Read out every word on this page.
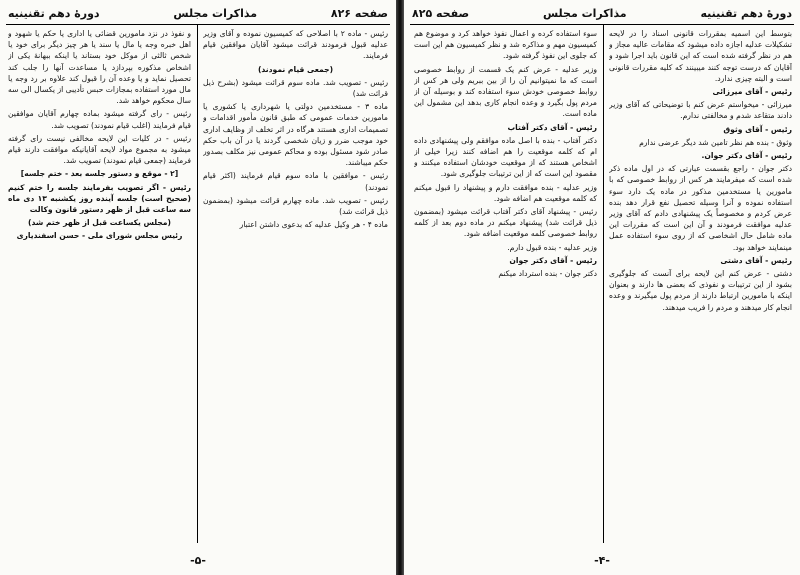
صفحه ۸۲۶
مذاکرات مجلس
دورهٔ دهم تقنینیه

رئیس - ماده ۲ با اصلاحی که کمیسیون نموده و آقای وزیر عدلیه قبول فرمودند قرائت میشود آقایان موافقین قیام فرمایند.

(جمعی قیام نمودند)

رئیس - تصویب شد. ماده سوم قرائت میشود (بشرح ذیل قرائت شد)

ماده ۳ - مستخدمین دولتی یا شهرداری یا کشوری یا مامورین خدمات عمومی که طبق قانون مأمور اقدامات و تصمیمات اداری هستند هرگاه در اثر تخلف از وظایف اداری خود موجب ضرر و زیان شخصی گردند یا در آن باب حکم صادر شود مسئول بوده و محاکم عمومی نیز مکلف بصدور حکم میباشند.

رئیس - موافقین با ماده سوم قیام فرمایند (اکثر قیام نمودند)

رئیس - تصویب شد. ماده چهارم قرائت میشود (بمضمون ذیل قرائت شد)

ماده ۴ - هر وکیل عدلیه که بدعوی داشتن اعتبار

و نفوذ در نزد مامورین قضائی یا اداری یا حکم یا شهود و اهل خبره وجه یا مال یا سند یا هر چیز دیگر برای خود یا شخص ثالثی از موکل خود بستاند یا اینکه ببهانهٔ یکی از اشخاص مذکوره بپردازد یا مساعدت آنها را جلب کند تحصیل نماید و یا وعده آن را قبول کند علاوه بر رد وجه یا مال مورد استفاده بمجازات حبس تأدیبی از یکسال الی سه سال محکوم خواهد شد.

رئیس - رای گرفته میشود بماده چهارم آقایان موافقین قیام فرمایند (اغلب قیام نمودند) تصویب شد.

رئیس - در کلیات این لایحه مخالفی نیست رای گرفته میشود به مجموع مواد لایحه آقایانیکه موافقت دارند قیام فرمایند (جمعی قیام نمودند) تصویب شد.

[۲ - موقع و دستور جلسه بعد - ختم جلسه]

رئیس - اگر تصویب بفرمایند جلسه را ختم کنیم (صحیح است) جلسه آینده روز یکشنبه ۱۳ دی ماه سه ساعت قبل از ظهر دستور قانون وکالت

(مجلس یکساعت قبل از ظهر ختم شد)

رئیس مجلس شورای ملی - حسن اسفندیاری

-۵-
دورهٔ دهم تقنینیه
مذاکرات مجلس
صفحه ۸۲۵

بتوسط این اسمیه بمقررات قانونی اسناد را در لایحه تشکیلات عدلیه اجازه داده میشود که مقامات عالیه مجاز و هم در نظر گرفته شده است که این قانون باید اجرا شود و آقایان که درست توجه کنند میبینند که کلیه مقررات قانونی است و البته چیزی ندارد.

رئیس - آقای میرزائی

میرزائی - میخواستم عرض کنم با توضیحاتی که آقای وزیر دادند متقاعد شدم و مخالفتی ندارم.

رئیس - آقای وثوق

وثوق - بنده هم نظر تامین شد دیگر عرضی ندارم

رئیس - آقای دکتر جوان.

دکتر جوان - راجع بقسمت عبارتی که در اول ماده ذکر شده است که میفرمایند هر کس از روابط خصوصی که با مامورین یا مستخدمین مذکور در ماده یک دارد سوء استفاده نموده و آنرا وسیله تحصیل نفع قرار دهد بنده عرض کردم و مخصوصاً یک پیشنهادی دادم که آقای وزیر عدلیه موافقت فرمودند و آن این است که مقررات این ماده شامل حال اشخاصی که از روی سوء استفاده عمل مینمایند خواهد بود.

رئیس - آقای دشتی

دشتی - عرض کنم این لایحه برای آنست که جلوگیری بشود از این ترتیبات و نفوذی که بعضی ها دارند و بعنوان اینکه با مامورین ارتباط دارند از مردم پول میگیرند و وعده انجام کار میدهند و مردم را فریب میدهند.

سوء استفاده کرده و اعمال نفوذ خواهد کرد و موضوع هم کمیسیون مهم و مذاکره شد و نظر کمیسیون هم این است که جلوی این نفوذ گرفته شود.

وزیر عدلیه - عرض کنم یک قسمت از روابط خصوصی است که ما نمیتوانیم آن را از بین ببریم ولی هر کس از روابط خصوصی خودش سوء استفاده کند و بوسیله آن از مردم پول بگیرد و وعده انجام کاری بدهد این مشمول این ماده است.

رئیس - آقای دکتر آفتاب

دکتر آفتاب - بنده با اصل ماده موافقم ولی پیشنهادی داده ام که کلمه موقعیت را هم اضافه کنند زیرا خیلی از اشخاص هستند که از موقعیت خودشان استفاده میکنند و مقصود این است که از این ترتیبات جلوگیری شود.

وزیر عدلیه - بنده موافقت دارم و پیشنهاد را قبول میکنم که کلمه موقعیت هم اضافه شود.

رئیس - پیشنهاد آقای دکتر آفتاب قرائت میشود (بمضمون ذیل قرائت شد) پیشنهاد میکنم در ماده دوم بعد از کلمه روابط خصوصی کلمه موقعیت اضافه شود.

وزیر عدلیه - بنده قبول دارم.

رئیس - آقای دکتر جوان

دکتر جوان - بنده استرداد میکنم

-۴-
